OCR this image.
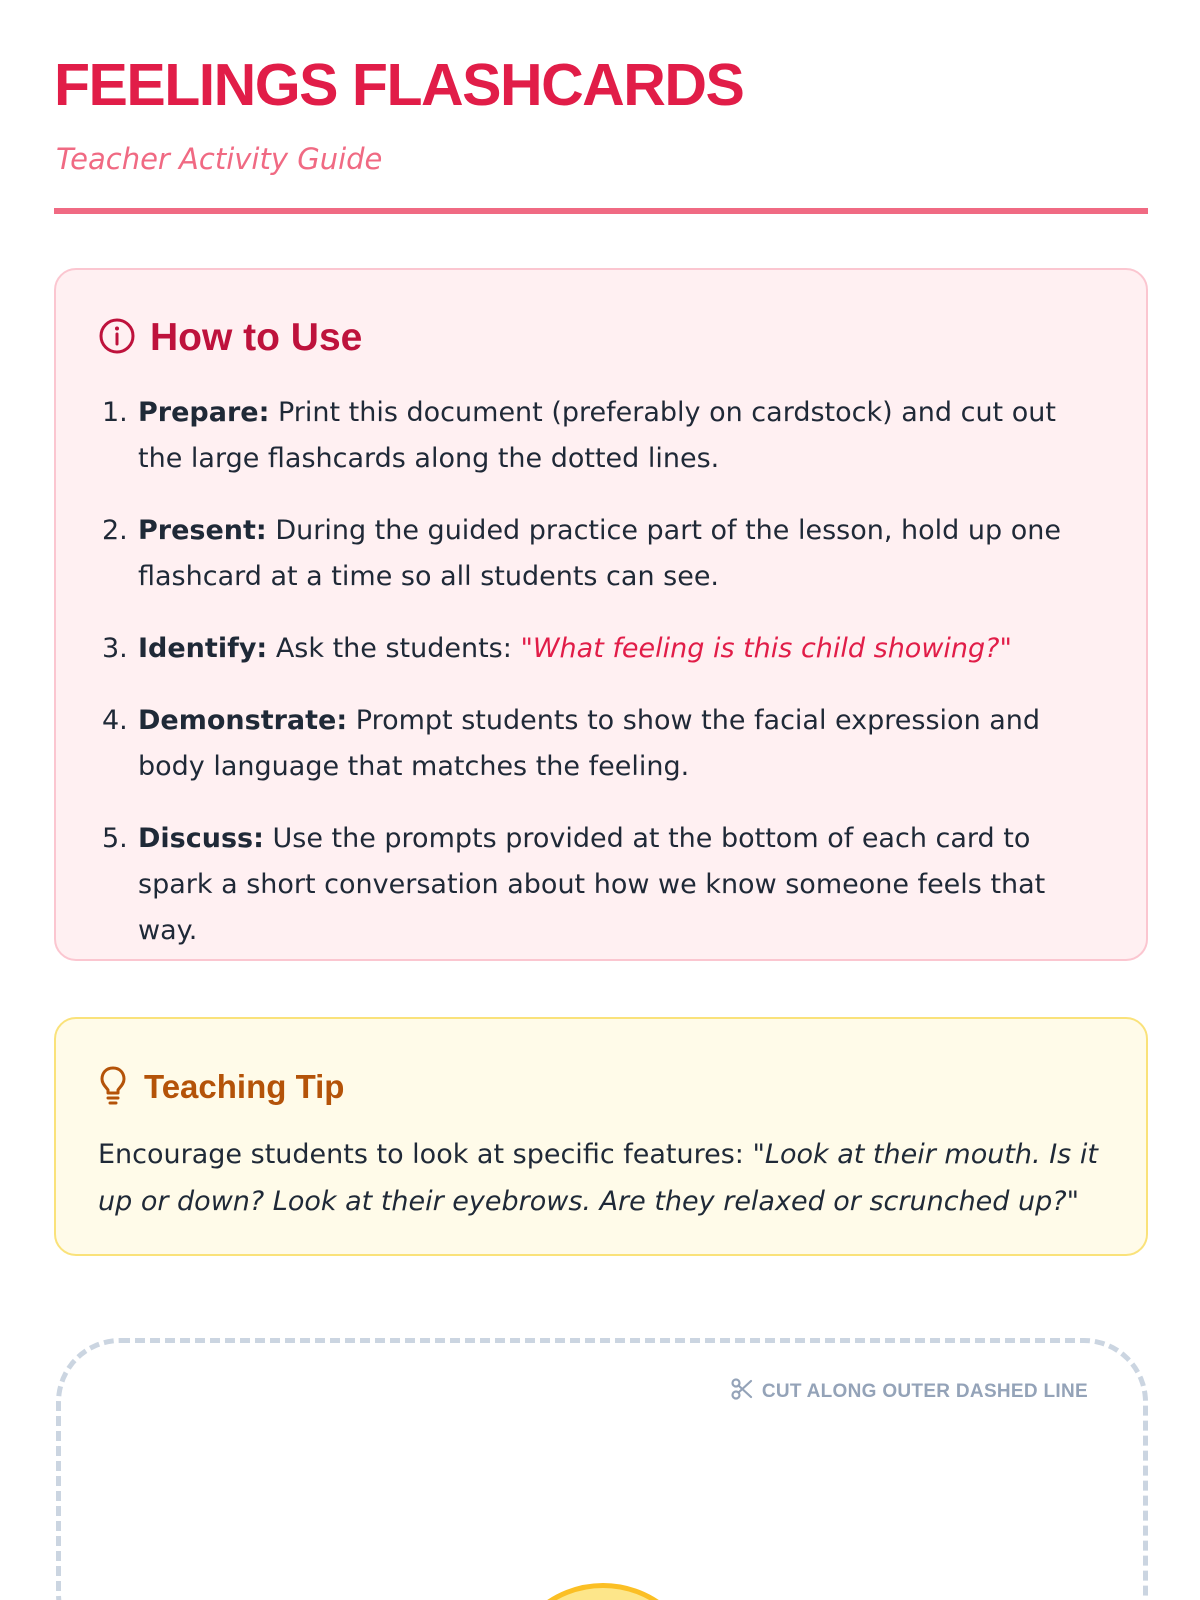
FEELINGS FLASHCARDS
Teacher Activity Guide
How to Use
1. Prepare: Print this document (preferably on cardstock) and cut out the large flashcards along the dotted lines.
2. Present: During the guided practice part of the lesson, hold up one flashcard at a time so all students can see.
3. Identify: Ask the students: "What feeling is this child showing?"
4. Demonstrate: Prompt students to show the facial expression and body language that matches the feeling.
5. Discuss: Use the prompts provided at the bottom of each card to spark a short conversation about how we know someone feels that way.
Teaching Tip

Encourage students to look at specific features: "Look at their mouth. Is it up or down? Look at their eyebrows. Are they relaxed or scrunched up?"

CUT ALONG OUTER DASHED LINE
